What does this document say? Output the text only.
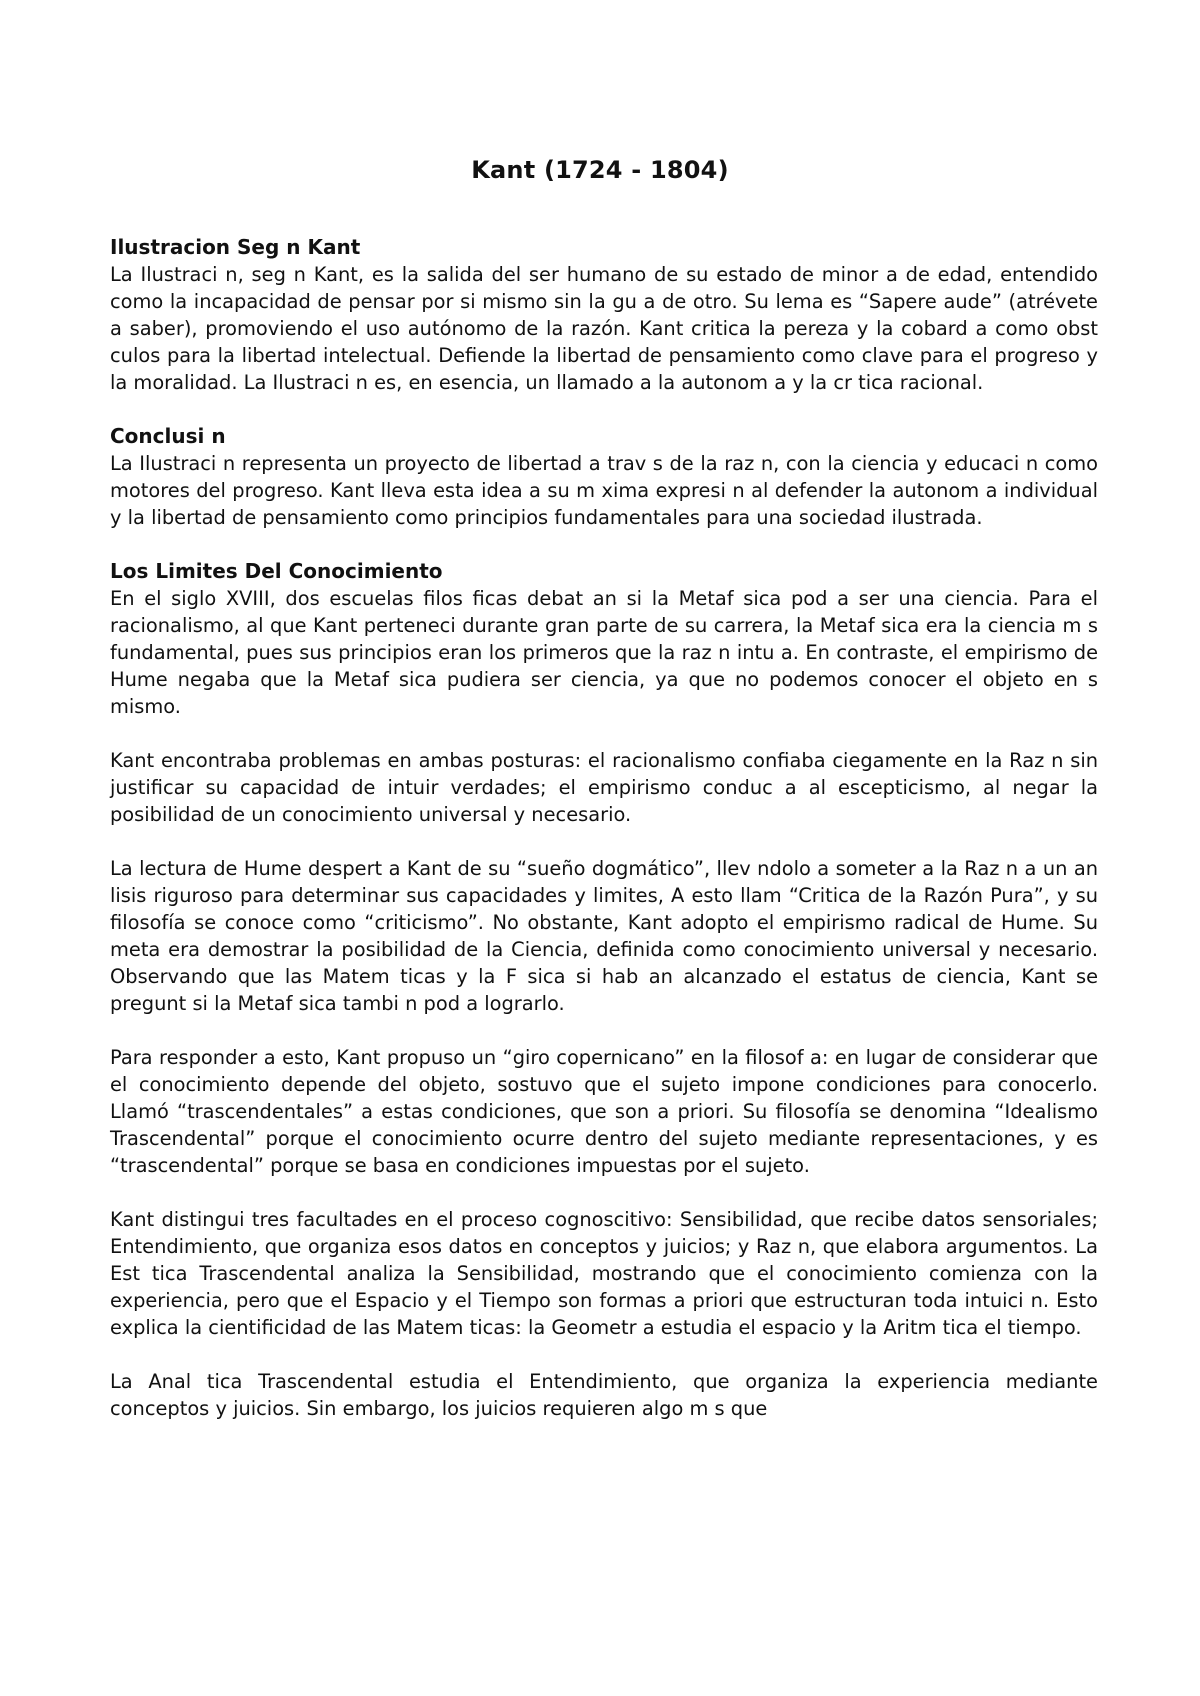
Kant (1724 - 1804)
Ilustracion Seg n Kant

La Ilustraci n, seg n Kant, es la salida del ser humano de su estado de minor a de edad, entendido como la incapacidad de pensar por si mismo sin la gu a de otro. Su lema es “Sapere aude” (atrévete a saber), promoviendo el uso autónomo de la razón. Kant critica la pereza y la cobard a como obst culos para la libertad intelectual. Defiende la libertad de pensamiento como clave para el progreso y la moralidad. La Ilustraci n es, en esencia, un llamado a la autonom a y la cr tica racional.

Conclusi n

La Ilustraci n representa un proyecto de libertad a trav s de la raz n, con la ciencia y educaci n como motores del progreso. Kant lleva esta idea a su m xima expresi n al defender la autonom a individual y la libertad de pensamiento como principios fundamentales para una sociedad ilustrada.

Los Limites Del Conocimiento

En el siglo XVIII, dos escuelas filos ficas debat an si la Metaf sica pod a ser una ciencia. Para el racionalismo, al que Kant perteneci durante gran parte de su carrera, la Metaf sica era la ciencia m s fundamental, pues sus principios eran los primeros que la raz n intu a. En contraste, el empirismo de Hume negaba que la Metaf sica pudiera ser ciencia, ya que no podemos conocer el objeto en s mismo.

Kant encontraba problemas en ambas posturas: el racionalismo confiaba ciegamente en la Raz n sin justificar su capacidad de intuir verdades; el empirismo conduc a al escepticismo, al negar la posibilidad de un conocimiento universal y necesario.

La lectura de Hume despert a Kant de su “sueño dogmático”, llev ndolo a someter a la Raz n a un an lisis riguroso para determinar sus capacidades y limites, A esto llam “Critica de la Razón Pura”, y su filosofía se conoce como “criticismo”. No obstante, Kant adopto el empirismo radical de Hume. Su meta era demostrar la posibilidad de la Ciencia, definida como conocimiento universal y necesario. Observando que las Matem ticas y la F sica si hab an alcanzado el estatus de ciencia, Kant se pregunt si la Metaf sica tambi n pod a lograrlo.

Para responder a esto, Kant propuso un “giro copernicano” en la filosof a: en lugar de considerar que el conocimiento depende del objeto, sostuvo que el sujeto impone condiciones para conocerlo. Llamó “trascendentales” a estas condiciones, que son a priori. Su filosofía se denomina “Idealismo Trascendental” porque el conocimiento ocurre dentro del sujeto mediante representaciones, y es “trascendental” porque se basa en condiciones impuestas por el sujeto.

Kant distingui tres facultades en el proceso cognoscitivo: Sensibilidad, que recibe datos sensoriales; Entendimiento, que organiza esos datos en conceptos y juicios; y Raz n, que elabora argumentos. La Est tica Trascendental analiza la Sensibilidad, mostrando que el conocimiento comienza con la experiencia, pero que el Espacio y el Tiempo son formas a priori que estructuran toda intuici n. Esto explica la cientificidad de las Matem ticas: la Geometr a estudia el espacio y la Aritm tica el tiempo.

La Anal tica Trascendental estudia el Entendimiento, que organiza la experiencia mediante conceptos y juicios. Sin embargo, los juicios requieren algo m s que
